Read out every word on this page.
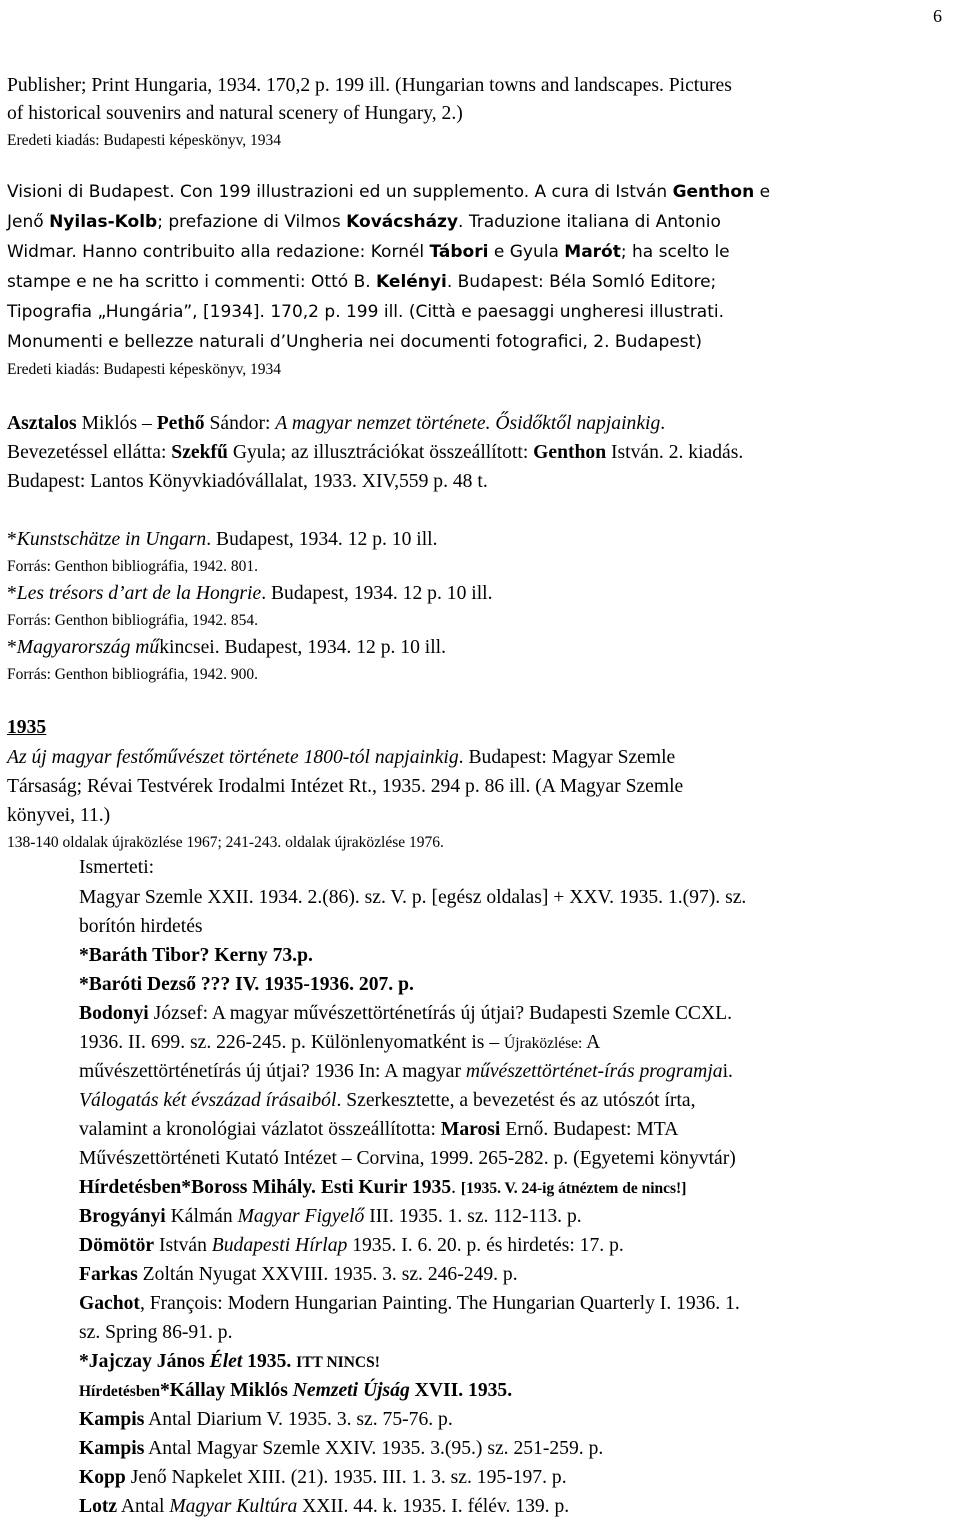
6
Publisher; Print Hungaria, 1934. 170,2 p. 199 ill. (Hungarian towns and landscapes. Pictures
of historical souvenirs and natural scenery of Hungary, 2.)
Eredeti kiadás: Budapesti képeskönyv, 1934
Visioni di Budapest. Con 199 illustrazioni ed un supplemento. A cura di István Genthon e
Jenő Nyilas-Kolb; prefazione di Vilmos Kovácsházy. Traduzione italiana di Antonio
Widmar. Hanno contribuito alla redazione: Kornél Tábori e Gyula Marót; ha scelto le
stampe e ne ha scritto i commenti: Ottó B. Kelényi. Budapest: Béla Somló Editore;
Tipografia „Hungária”, [1934]. 170,2 p. 199 ill. (Città e paesaggi ungheresi illustrati.
Monumenti e bellezze naturali d’Ungheria nei documenti fotografici, 2. Budapest)
Eredeti kiadás: Budapesti képeskönyv, 1934
Asztalos Miklós – Pethő Sándor: A magyar nemzet története. Ősidőktől napjainkig.
Bevezetéssel ellátta: Szekfű Gyula; az illusztrációkat összeállított: Genthon István. 2. kiadás.
Budapest: Lantos Könyvkiadóvállalat, 1933. XIV,559 p. 48 t.
*Kunstschätze in Ungarn. Budapest, 1934. 12 p. 10 ill.
Forrás: Genthon bibliográfia, 1942. 801.
*Les trésors d’art de la Hongrie. Budapest, 1934. 12 p. 10 ill.
Forrás: Genthon bibliográfia, 1942. 854.
*Magyarország műkincsei. Budapest, 1934. 12 p. 10 ill.
Forrás: Genthon bibliográfia, 1942. 900.
1935
Az új magyar festőművészet története 1800-tól napjainkig. Budapest: Magyar Szemle
Társaság; Révai Testvérek Irodalmi Intézet Rt., 1935. 294 p. 86 ill. (A Magyar Szemle
könyvei, 11.)
138-140 oldalak újraközlése 1967; 241-243. oldalak újraközlése 1976.
Ismerteti:
Magyar Szemle XXII. 1934. 2.(86). sz. V. p. [egész oldalas] + XXV. 1935. 1.(97). sz.
borítón hirdetés
*Baráth Tibor? Kerny 73.p.
*Baróti Dezső ??? IV. 1935-1936. 207. p.
Bodonyi József: A magyar művészettörténetírás új útjai? Budapesti Szemle CCXL.
1936. II. 699. sz. 226-245. p. Különlenyomatként is – Újraközlése: A
művészettörténetírás új útjai? 1936 In: A magyar művészettörténet-írás programjai.
Válogatás két évszázad írásaiból. Szerkesztette, a bevezetést és az utószót írta,
valamint a kronológiai vázlatot összeállította: Marosi Ernő. Budapest: MTA
Művészettörténeti Kutató Intézet – Corvina, 1999. 265-282. p. (Egyetemi könyvtár)
Hírdetésben*Boross Mihály. Esti Kurir 1935. [1935. V. 24-ig átnéztem de nincs!]
Brogyányi Kálmán Magyar Figyelő III. 1935. 1. sz. 112-113. p.
Dömötör István Budapesti Hírlap 1935. I. 6. 20. p. és hirdetés: 17. p.
Farkas Zoltán Nyugat XXVIII. 1935. 3. sz. 246-249. p.
Gachot, François: Modern Hungarian Painting. The Hungarian Quarterly I. 1936. 1.
sz. Spring 86-91. p.
*Jajczay János Élet 1935. ITT NINCS!
Hírdetésben*Kállay Miklós Nemzeti Újság XVII. 1935.
Kampis Antal Diarium V. 1935. 3. sz. 75-76. p.
Kampis Antal Magyar Szemle XXIV. 1935. 3.(95.) sz. 251-259. p.
Kopp Jenő Napkelet XIII. (21). 1935. III. 1. 3. sz. 195-197. p.
Lotz Antal Magyar Kultúra XXII. 44. k. 1935. I. félév. 139. p.
